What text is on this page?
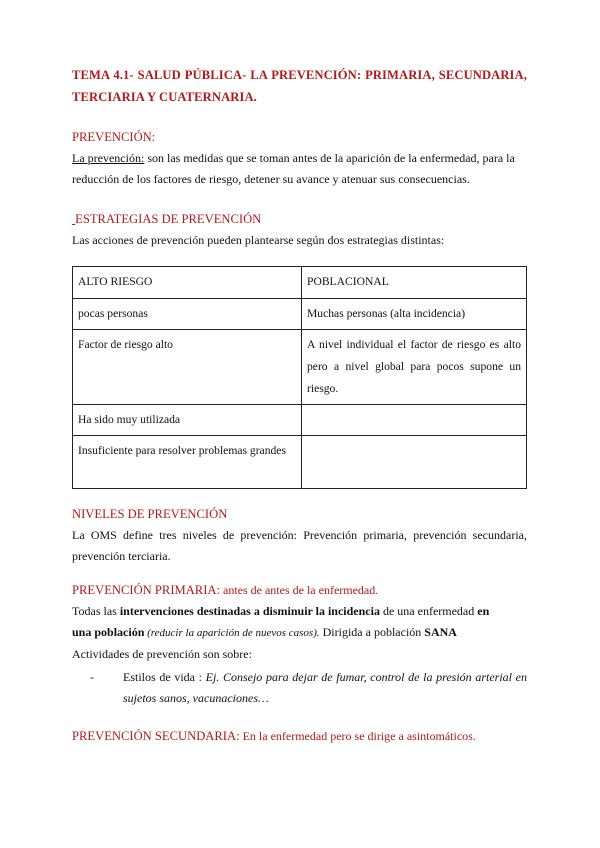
TEMA 4.1- SALUD PÚBLICA- LA PREVENCIÓN: PRIMARIA, SECUNDARIA, TERCIARIA Y CUATERNARIA.

PREVENCIÓN:

La prevención: son las medidas que se toman antes de la aparición de la enfermedad, para la reducción de los factores de riesgo, detener su avance y atenuar sus consecuencias.

ESTRATEGIAS DE PREVENCIÓN

Las acciones de prevención pueden plantearse según dos estrategias distintas:

ALTO RIESGO	POBLACIONAL
pocas personas	Muchas personas (alta incidencia)
Factor de riesgo alto	A nivel individual el factor de riesgo es alto pero a nivel global para pocos supone un riesgo.
Ha sido muy utilizada	
Insuficiente para resolver problemas grandes	

NIVELES DE PREVENCIÓN

La OMS define tres niveles de prevención: Prevención primaria, prevención secundaria, prevención terciaria.

PREVENCIÓN PRIMARIA: antes de antes de la enfermedad.

Todas las intervenciones destinadas a disminuir la incidencia de una enfermedad en una población (reducir la aparición de nuevos casos). Dirigida a población SANA

Actividades de prevención son sobre:

-	Estilos de vida : Ej. Consejo para dejar de fumar, control de la presión arterial en sujetos sanos, vacunaciones…

PREVENCIÓN SECUNDARIA: En la enfermedad pero se dirige a asintomáticos.
